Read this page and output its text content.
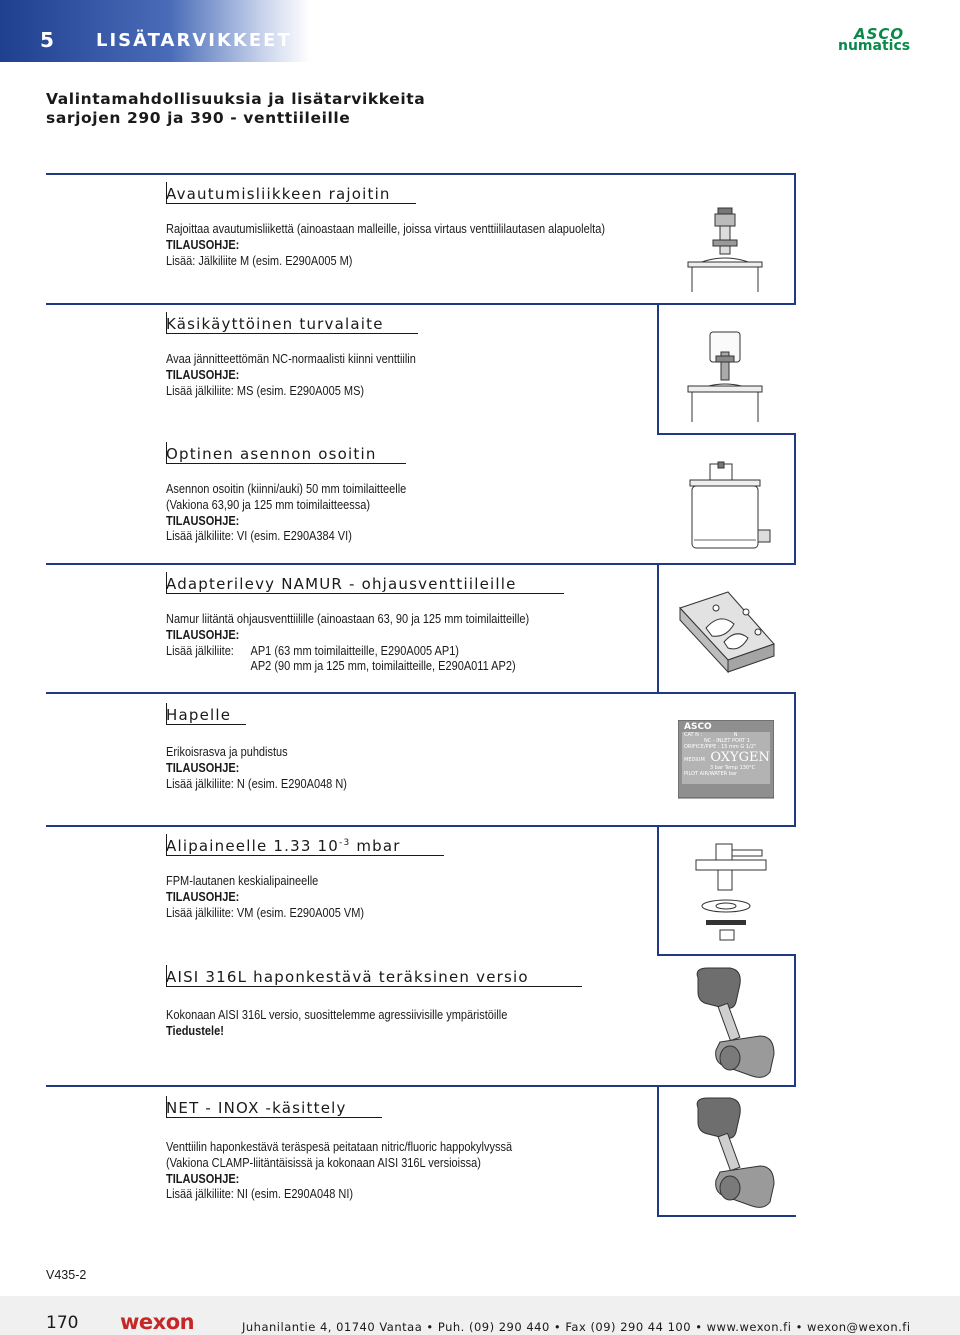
5 LISÄTARVIKKEET	ASCO
numatics
Valintamahdollisuuksia ja lisätarvikkeita
sarjojen 290 ja 390 - venttiileille
Avautumisliikkeen rajoitin
Rajoittaa avautumisliikettä (ainoastaan malleille, joissa virtaus venttiililautasen alapuolelta)
TILAUSOHJE:
Lisää: Jälkiliite M (esim. E290A005 M)
Käsikäyttöinen turvalaite
Avaa jännitteettömän NC-normaalisti kiinni venttiilin
TILAUSOHJE:
Lisää jälkiliite: MS (esim. E290A005 MS)
Optinen asennon osoitin
Asennon osoitin (kiinni/auki) 50 mm toimilaitteelle
(Vakiona 63,90 ja 125 mm toimilaitteessa)
TILAUSOHJE:
Lisää jälkiliite: VI (esim. E290A384 VI)
Adapterilevy NAMUR - ohjausventtiileille
Namur liitäntä ohjausventtiilille (ainoastaan 63, 90 ja 125 mm toimilaitteille)
TILAUSOHJE:
Lisää jälkiliite: AP1 (63 mm toimilaitteille, E290A005 AP1)
AP2 (90 mm ja 125 mm, toimilaitteille, E290A011 AP2)
Hapelle
Erikoisrasva ja puhdistus
TILAUSOHJE:
Lisää jälkiliite: N (esim. E290A048 N)
Alipaineelle 1.33 $10^{-3}$ mbar
FPM-lautanen keskialipaineelle
TILAUSOHJE:
Lisää jälkiliite: VM (esim. E290A005 VM)
AISI 316L haponkestävä teräksinen versio
Kokonaan AISI 316L versio, suosittelemme agressiivisille ympäristöille
Tiedustele!
NET - INOX -käsittely
Venttiilin haponkestävä teräspesä peitataan nitric/fluoric happokylvyssä
(Vakiona CLAMP-liitäntäisissä ja kokonaan AISI 316L versioissa)
TILAUSOHJE:
Lisää jälkiliite: NI (esim. E290A048 NI)
ASCO
CAT N :	N
NC - INLET PORT 1
ORIFICE/PIPE : 15 mm G 1/2"
MEDIUM OXYGEN
3 bar Temp 130°C
PILOT AIR/WATER bar
V435-2
170 wexon	Juhanilantie 4, 01740 Vantaa • Puh. (09) 290 440 • Fax (09) 290 44 100 • www.wexon.fi • wexon@wexon.fi
